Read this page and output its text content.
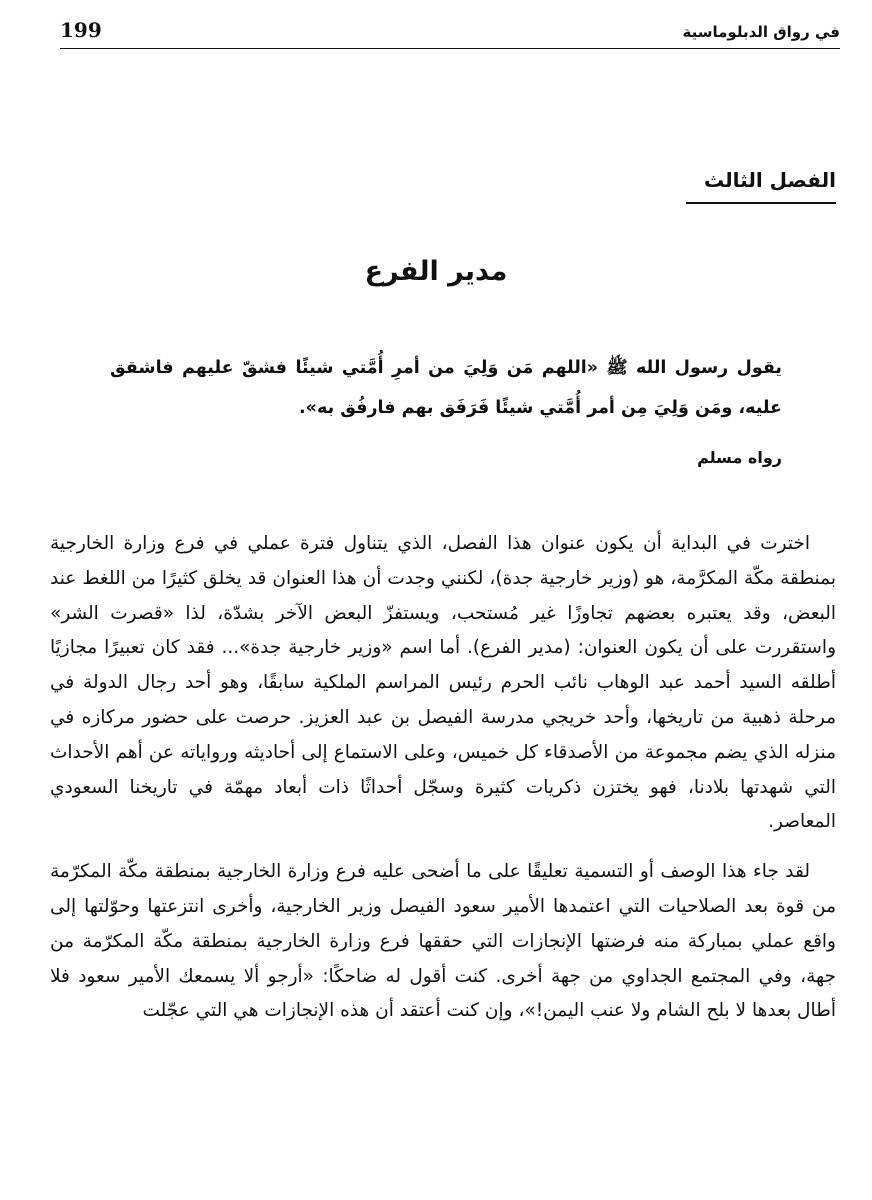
199	في رواق الدبلوماسية
الفصل الثالث
مدير الفرع
يقول رسول الله ﷺ «اللهم مَن وَلِيَ من أمرِ أُمَّتي شيئًا فشقّ عليهم فاشقق عليه، ومَن وَلِيَ مِن أمر أُمَّتي شيئًا فَرَفَق بهم فارفُق به».
رواه مسلم

اخترت في البداية أن يكون عنوان هذا الفصل، الذي يتناول فترة عملي في فرع وزارة الخارجية بمنطقة مكّة المكرَّمة، هو (وزير خارجية جدة)، لكنني وجدت أن هذا العنوان قد يخلق كثيرًا من اللغط عند البعض، وقد يعتبره بعضهم تجاوزًا غير مُستحب، ويستفزّ البعض الآخر بشدّة، لذا «قصرت الشر» واستقررت على أن يكون العنوان: (مدير الفرع). أما اسم «وزير خارجية جدة»... فقد كان تعبيرًا مجازيًا أطلقه السيد أحمد عبد الوهاب نائب الحرم رئيس المراسم الملكية سابقًا، وهو أحد رجال الدولة في مرحلة ذهبية من تاريخها، وأحد خريجي مدرسة الفيصل بن عبد العزيز. حرصت على حضور مركازه في منزله الذي يضم مجموعة من الأصدقاء كل خميس، وعلى الاستماع إلى أحاديثه ورواياته عن أهم الأحداث التي شهدتها بلادنا، فهو يختزن ذكريات كثيرة وسجّل أحداثًا ذات أبعاد مهمّة في تاريخنا السعودي المعاصر.

لقد جاء هذا الوصف أو التسمية تعليقًا على ما أضحى عليه فرع وزارة الخارجية بمنطقة مكّة المكرّمة من قوة بعد الصلاحيات التي اعتمدها الأمير سعود الفيصل وزير الخارجية، وأخرى انتزعتها وحوّلتها إلى واقع عملي بمباركة منه فرضتها الإنجازات التي حققها فرع وزارة الخارجية بمنطقة مكّة المكرّمة من جهة، وفي المجتمع الجداوي من جهة أخرى. كنت أقول له ضاحكًا: «أرجو ألا يسمعك الأمير سعود فلا أطال بعدها لا بلح الشام ولا عنب اليمن!»، وإن كنت أعتقد أن هذه الإنجازات هي التي عجّلت
